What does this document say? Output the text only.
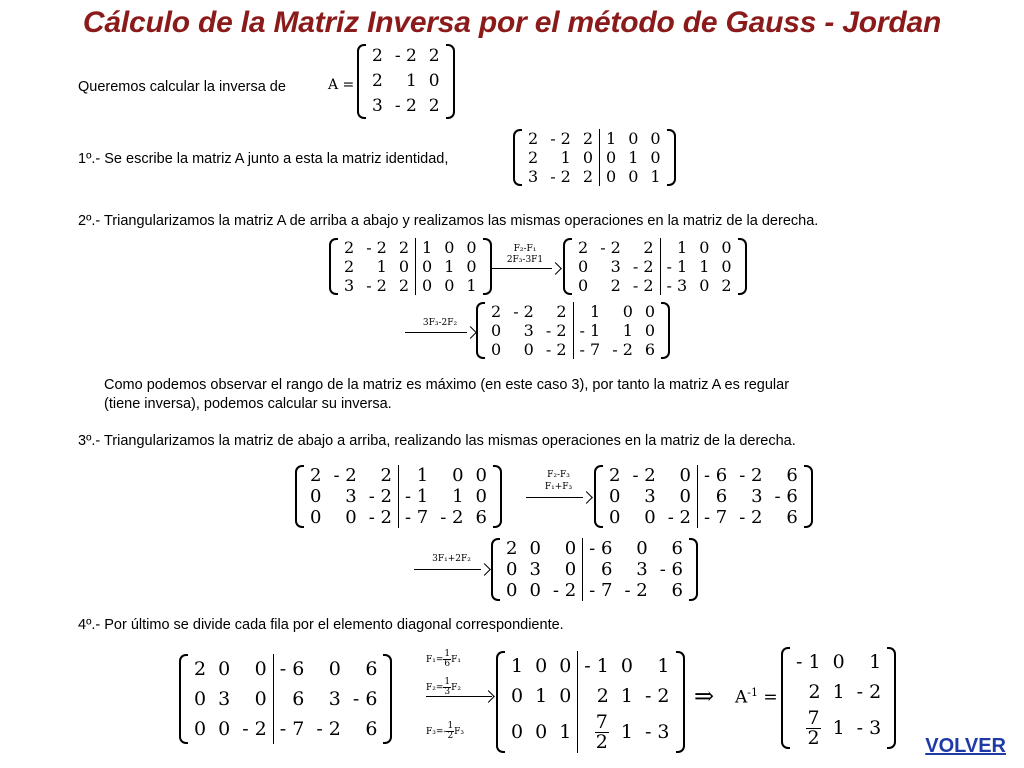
Cálculo de la Matriz Inversa por el método de Gauss - Jordan
Queremos calcular la inversa de	A =
2	- 2	2
2	1	0
3	- 2	2
1º.- Se escribe la matriz A junto a esta la matriz identidad,
2	- 2	2	1	0	0
2	1	0	0	1	0
3	- 2	2	0	0	1
2º.- Triangularizamos la matriz A de arriba a abajo y realizamos las mismas operaciones en la matriz de la derecha.
2	- 2	2	1	0	0
2	1	0	0	1	0
3	- 2	2	0	0	1
F₂-F₁
2F₃-3F1
2	- 2	2	1	0	0
0	3	- 2	- 1	1	0
0	2	- 2	- 3	0	2
3F₃-2F₂
2	- 2	2	1	0	0
0	3	- 2	- 1	1	0
0	0	- 2	- 7	- 2	6
Como podemos observar el rango de la matriz es máximo (en este caso 3), por tanto la matriz A es regular
(tiene inversa), podemos calcular su inversa.
3º.- Triangularizamos la matriz de abajo a arriba, realizando las mismas operaciones en la matriz de la derecha.
2	- 2	2	1	0	0
0	3	- 2	- 1	1	0
0	0	- 2	- 7	- 2	6
F₂-F₃
F₁+F₃
2	- 2	0	- 6	- 2	6
0	3	0	6	3	- 6
0	0	- 2	- 7	- 2	6
3F₁+2F₂
2	0	0	- 6	0	6
0	3	0	6	3	- 6
0	0	- 2	- 7	- 2	6
4º.- Por último se divide cada fila por el elemento diagonal correspondiente.
2	0	0	- 6	0	6
0	3	0	6	3	- 6
0	0	- 2	- 7	- 2	6
$F_1= \frac{1}{6} F_1$
$F_2= \frac{1}{3} F_2$
$F_3=- \frac{1}{2} F_3$
1	0	0	- 1	0	1
0	1	0	2	1	- 2
0	0	1	$\frac{7}{2}$	1	- 3
⇒ $A^{-1}$ =
- 1	0	1
2	1	- 2

$\frac{7}{2}$	1	- 3
VOLVER
